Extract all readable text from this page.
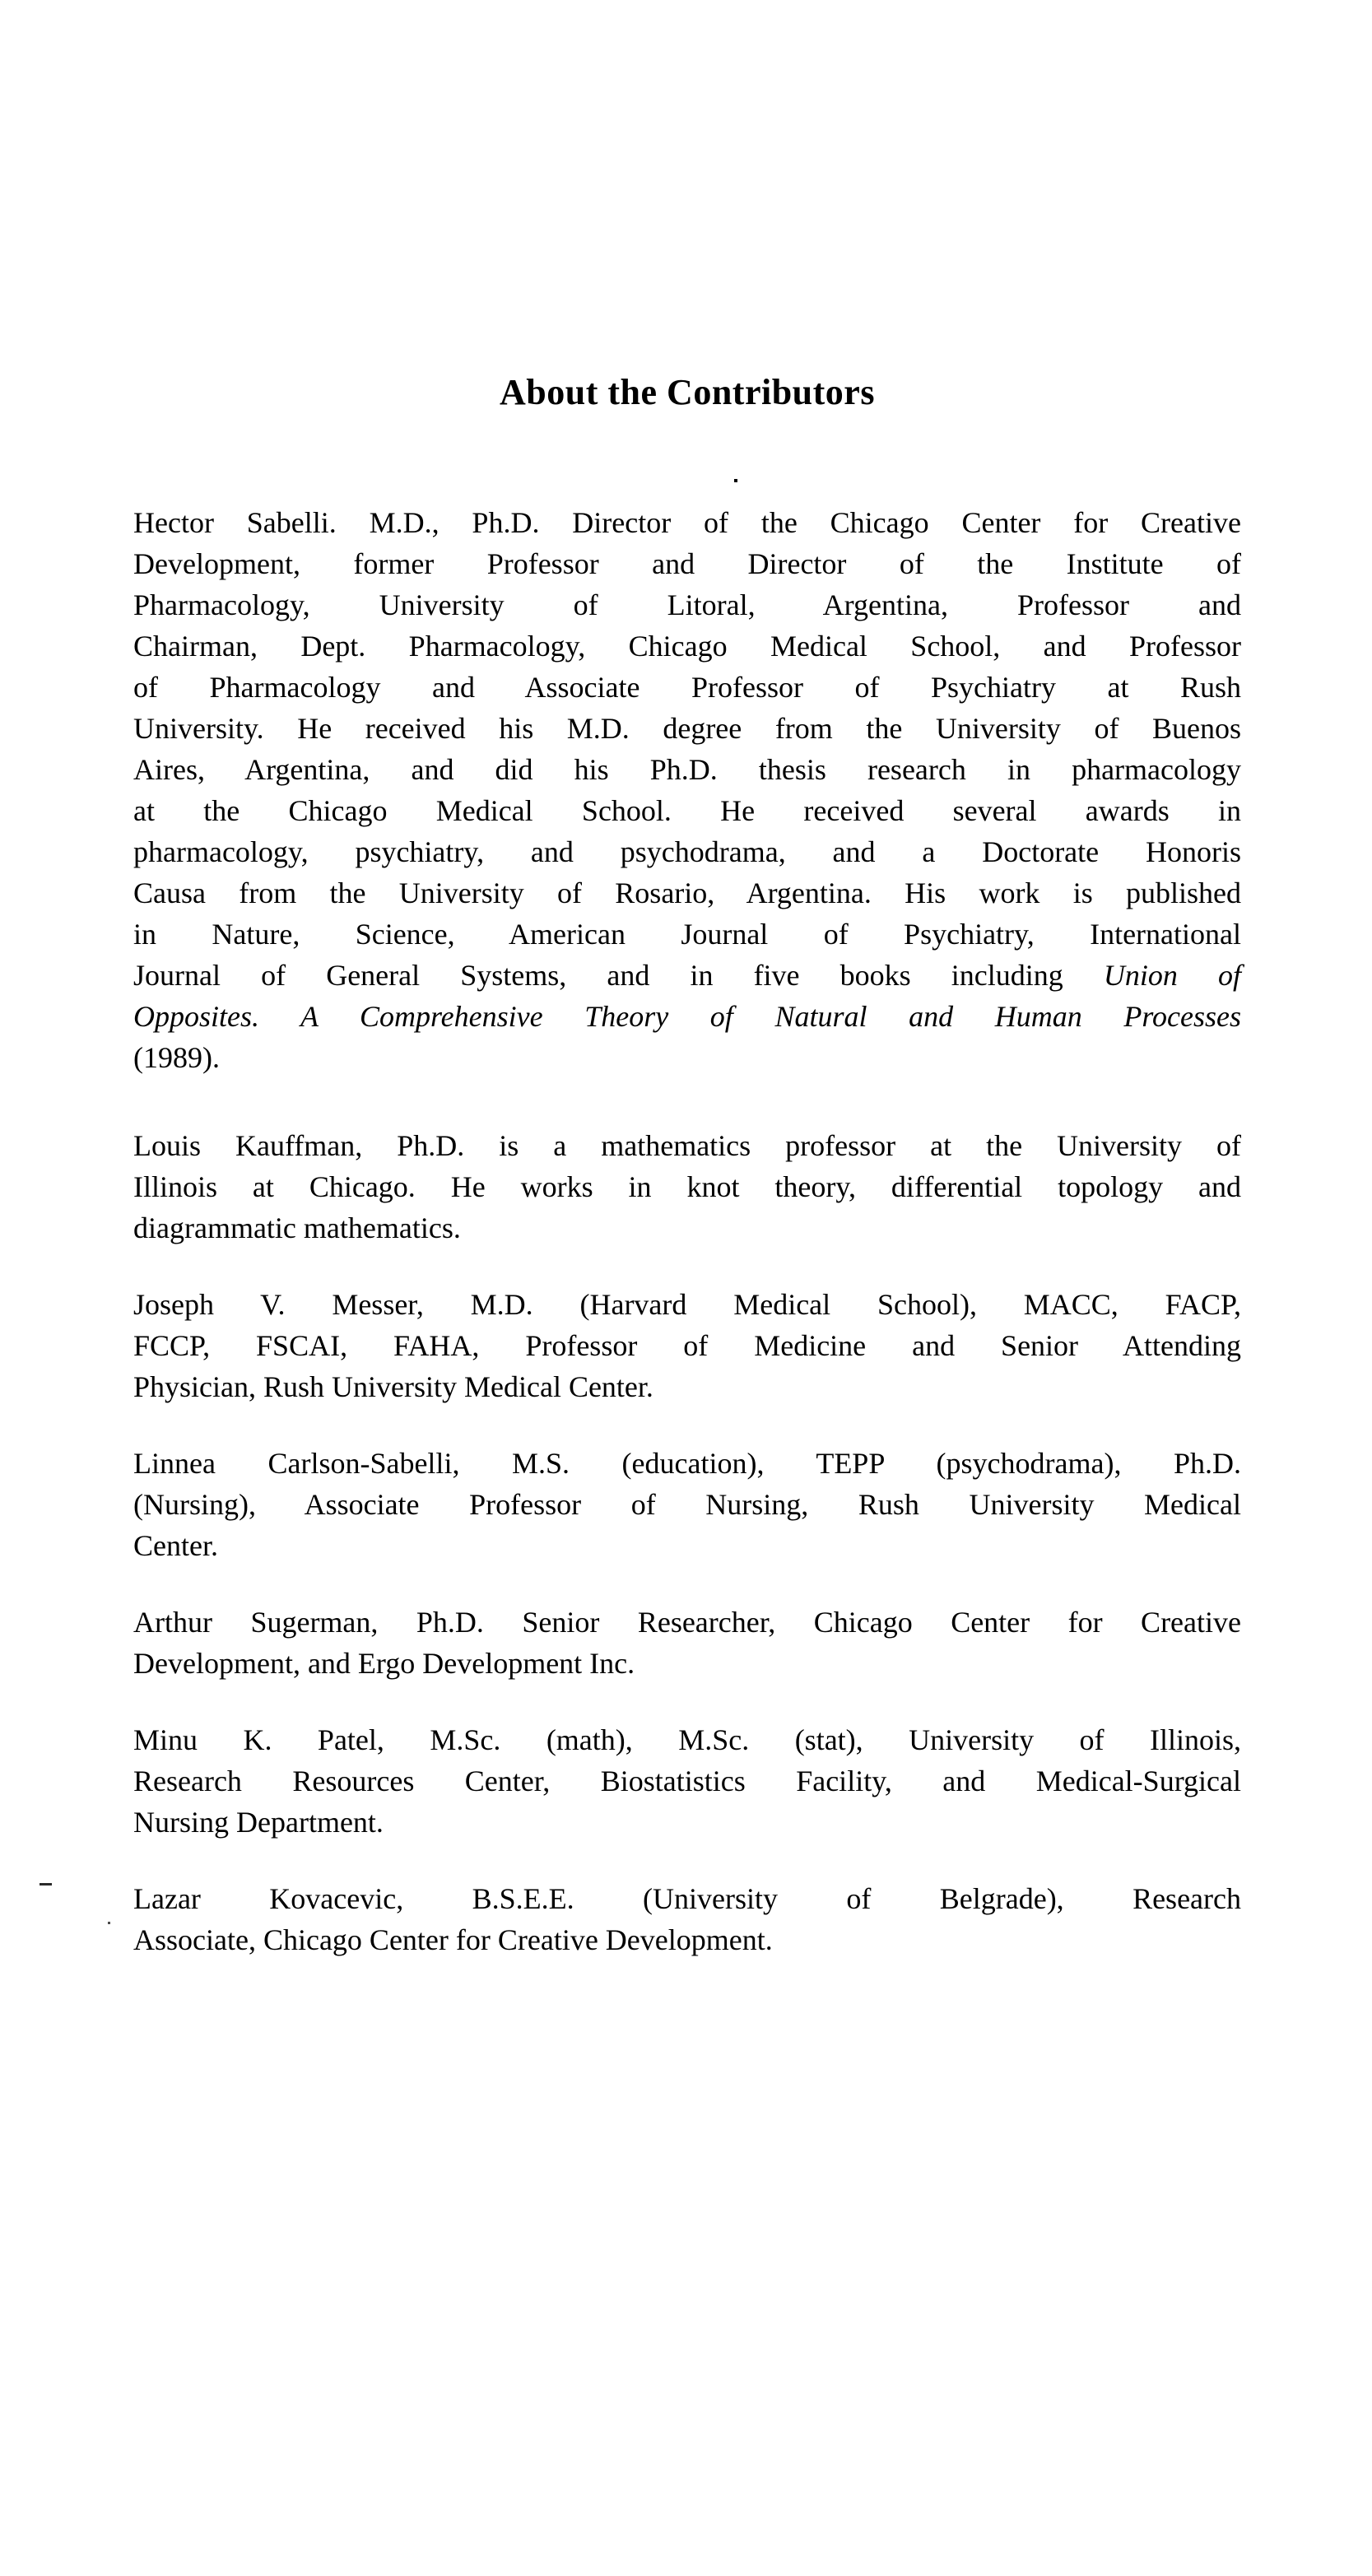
About the Contributors

Hector Sabelli. M.D., Ph.D. Director of the Chicago Center for Creative
Development, former Professor and Director of the Institute of
Pharmacology, University of Litoral, Argentina, Professor and
Chairman, Dept. Pharmacology, Chicago Medical School, and Professor
of Pharmacology and Associate Professor of Psychiatry at Rush
University. He received his M.D. degree from the University of Buenos
Aires, Argentina, and did his Ph.D. thesis research in pharmacology
at the Chicago Medical School. He received several awards in
pharmacology, psychiatry, and psychodrama, and a Doctorate Honoris
Causa from the University of Rosario, Argentina. His work is published
in Nature, Science, American Journal of Psychiatry, International
Journal of General Systems, and in five books including Union of
Opposites. A Comprehensive Theory of Natural and Human Processes
(1989).

Louis Kauffman, Ph.D. is a mathematics professor at the University of
Illinois at Chicago. He works in knot theory, differential topology and
diagrammatic mathematics.

Joseph V. Messer, M.D. (Harvard Medical School), MACC, FACP,
FCCP, FSCAI, FAHA, Professor of Medicine and Senior Attending
Physician, Rush University Medical Center.

Linnea Carlson-Sabelli, M.S. (education), TEPP (psychodrama), Ph.D.
(Nursing), Associate Professor of Nursing, Rush University Medical
Center.

Arthur Sugerman, Ph.D. Senior Researcher, Chicago Center for Creative
Development, and Ergo Development Inc.

Minu K. Patel, M.Sc. (math), M.Sc. (stat), University of Illinois,
Research Resources Center, Biostatistics Facility, and Medical-Surgical
Nursing Department.

Lazar Kovacevic, B.S.E.E. (University of Belgrade), Research
Associate, Chicago Center for Creative Development.
